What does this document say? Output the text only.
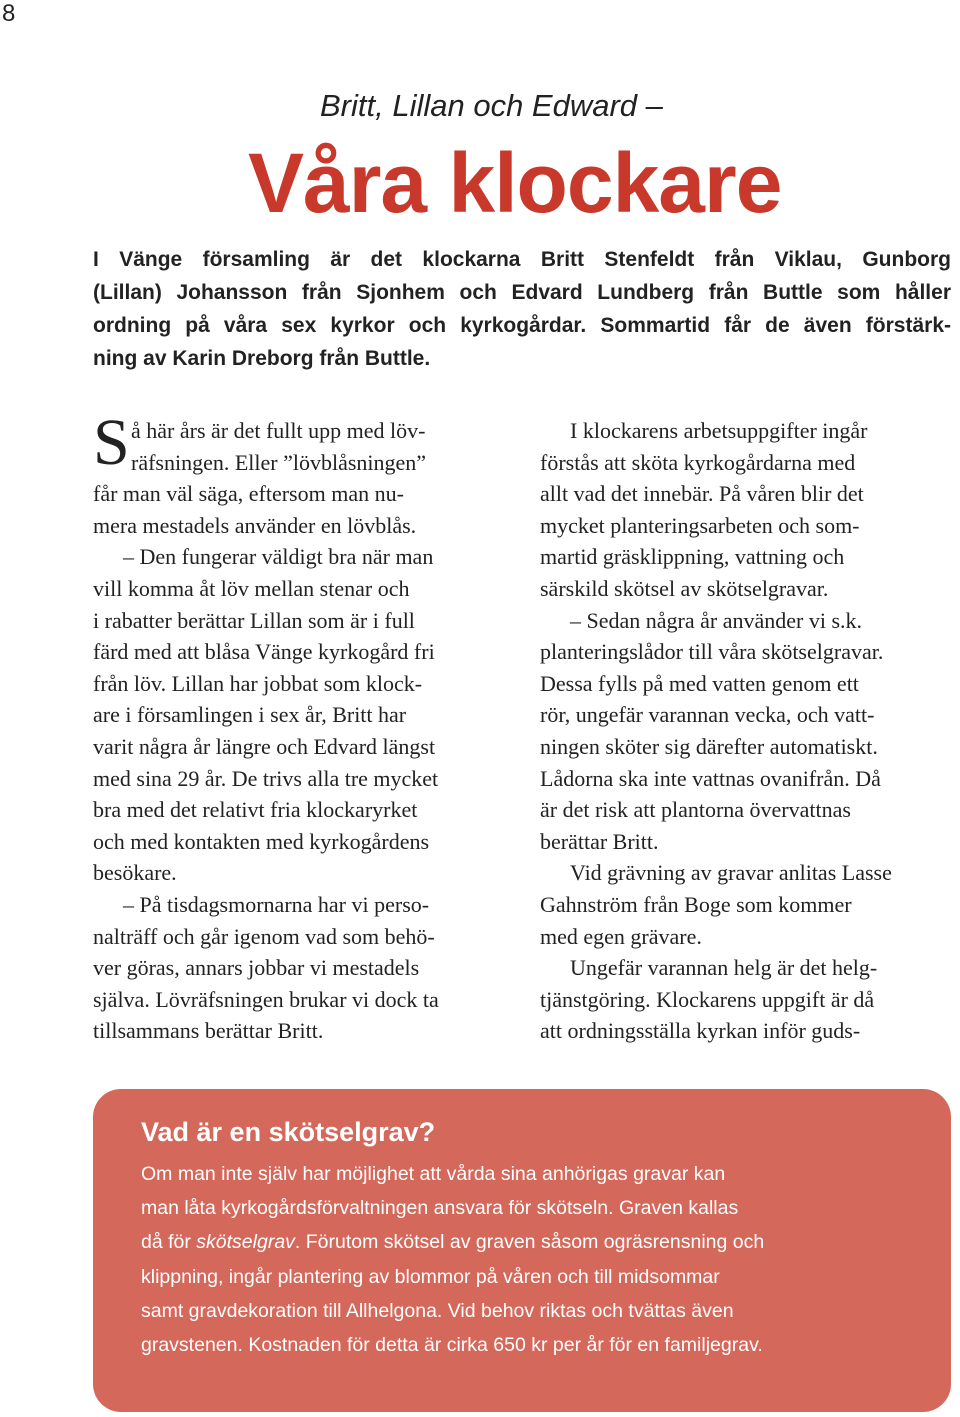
8
Britt, Lillan och Edward –
Våra klockare
I Vänge församling är det klockarna Britt Stenfeldt från Viklau, Gunborg
(Lillan) Johansson från Sjonhem och Edvard Lundberg från Buttle som håller
ordning på våra sex kyrkor och kyrkogårdar. Sommartid får de även förstärk-
ning av Karin Dreborg från Buttle.
S å här års är det fullt upp med löv-
räfsningen. Eller ”lövblåsningen”
får man väl säga, eftersom man nu-
mera mestadels använder en lövblås.
– Den fungerar väldigt bra när man
vill komma åt löv mellan stenar och
i rabatter berättar Lillan som är i full
färd med att blåsa Vänge kyrkogård fri
från löv. Lillan har jobbat som klock-
are i församlingen i sex år, Britt har
varit några år längre och Edvard längst
med sina 29 år. De trivs alla tre mycket
bra med det relativt fria klockaryrket
och med kontakten med kyrkogårdens
besökare.
– På tisdagsmornarna har vi perso-
nalträff och går igenom vad som behö-
ver göras, annars jobbar vi mestadels
själva. Lövräfsningen brukar vi dock ta
tillsammans berättar Britt.
I klockarens arbetsuppgifter ingår
förstås att sköta kyrkogårdarna med
allt vad det innebär. På våren blir det
mycket planteringsarbeten och som-
martid gräsklippning, vattning och
särskild skötsel av skötselgravar.
– Sedan några år använder vi s.k.
planteringslådor till våra skötselgravar.
Dessa fylls på med vatten genom ett
rör, ungefär varannan vecka, och vatt-
ningen sköter sig därefter automatiskt.
Lådorna ska inte vattnas ovanifrån. Då
är det risk att plantorna övervattnas
berättar Britt.
Vid grävning av gravar anlitas Lasse
Gahnström från Boge som kommer
med egen grävare.
Ungefär varannan helg är det helg-
tjänstgöring. Klockarens uppgift är då
att ordningsställa kyrkan inför guds-
Vad är en skötselgrav?
Om man inte själv har möjlighet att vårda sina anhörigas gravar kan
man låta kyrkogårdsförvaltningen ansvara för skötseln. Graven kallas
då för skötselgrav. Förutom skötsel av graven såsom ogräsrensning och
klippning, ingår plantering av blommor på våren och till midsommar
samt gravdekoration till Allhelgona. Vid behov riktas och tvättas även
gravstenen. Kostnaden för detta är cirka 650 kr per år för en familjegrav.
